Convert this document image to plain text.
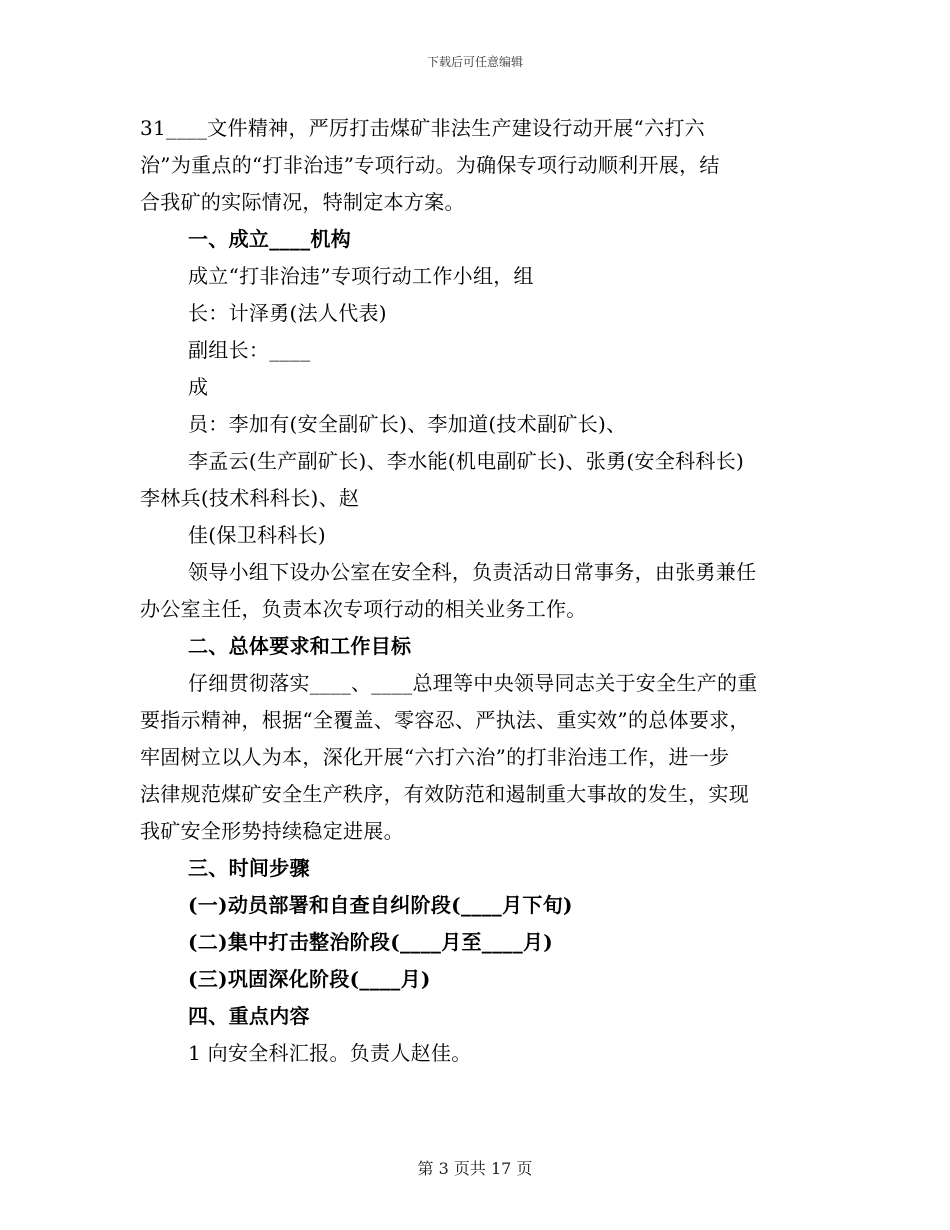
下载后可任意编辑
31____文件精神，严厉打击煤矿非法生产建设行动开展“六打六
治”为重点的“打非治违”专项行动。为确保专项行动顺利开展，结
合我矿的实际情况，特制定本方案。
一、成立____机构
成立“打非治违”专项行动工作小组，组
长：计泽勇(法人代表)
副组长：____
成
员：李加有(安全副矿长)、李加道(技术副矿长)、
李孟云(生产副矿长)、李水能(机电副矿长)、张勇(安全科科长)
李林兵(技术科科长)、赵
佳(保卫科科长)
领导小组下设办公室在安全科，负责活动日常事务，由张勇兼任
办公室主任，负责本次专项行动的相关业务工作。
二、总体要求和工作目标
仔细贯彻落实____、____总理等中央领导同志关于安全生产的重
要指示精神，根据“全覆盖、零容忍、严执法、重实效”的总体要求，
牢固树立以人为本，深化开展“六打六治”的打非治违工作，进一步
法律规范煤矿安全生产秩序，有效防范和遏制重大事故的发生，实现
我矿安全形势持续稳定进展。
三、时间步骤
(一)动员部署和自查自纠阶段(____月下旬)
(二)集中打击整治阶段(____月至____月)
(三)巩固深化阶段(____月)
四、重点内容
1 向安全科汇报。负责人赵佳。
第 3 页共 17 页
